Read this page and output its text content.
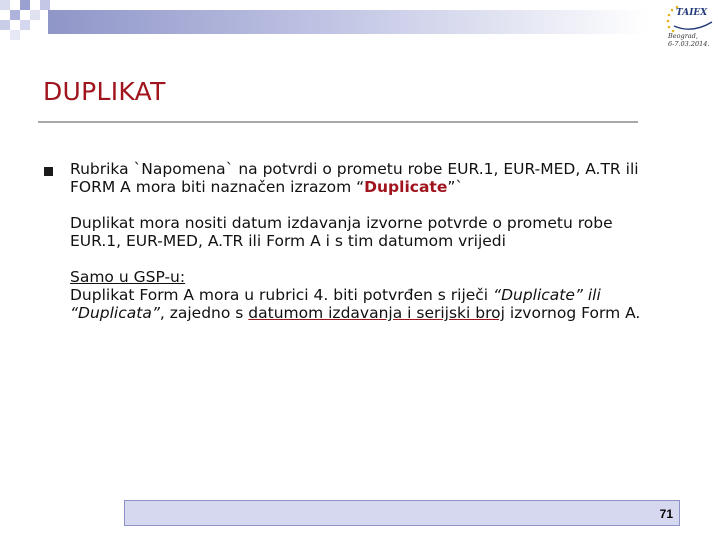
TAIEX
Beograd,
6-7.03.2014.
DUPLIKAT

Rubrika `Napomena` na potvrdi o prometu robe EUR.1, EUR-MED, A.TR ili

FORM A mora biti naznačen izrazom “Duplicate”`

Duplikat mora nositi datum izdavanja izvorne potvrde o prometu robe

EUR.1, EUR-MED, A.TR ili Form A i s tim datumom vrijedi

Samo u GSP-u:

Duplikat Form A mora u rubrici 4. biti potvrđen s riječi “Duplicate” ili

“Duplicata”, zajedno s datumom izdavanja i serijski broj izvornog Form A.

71
